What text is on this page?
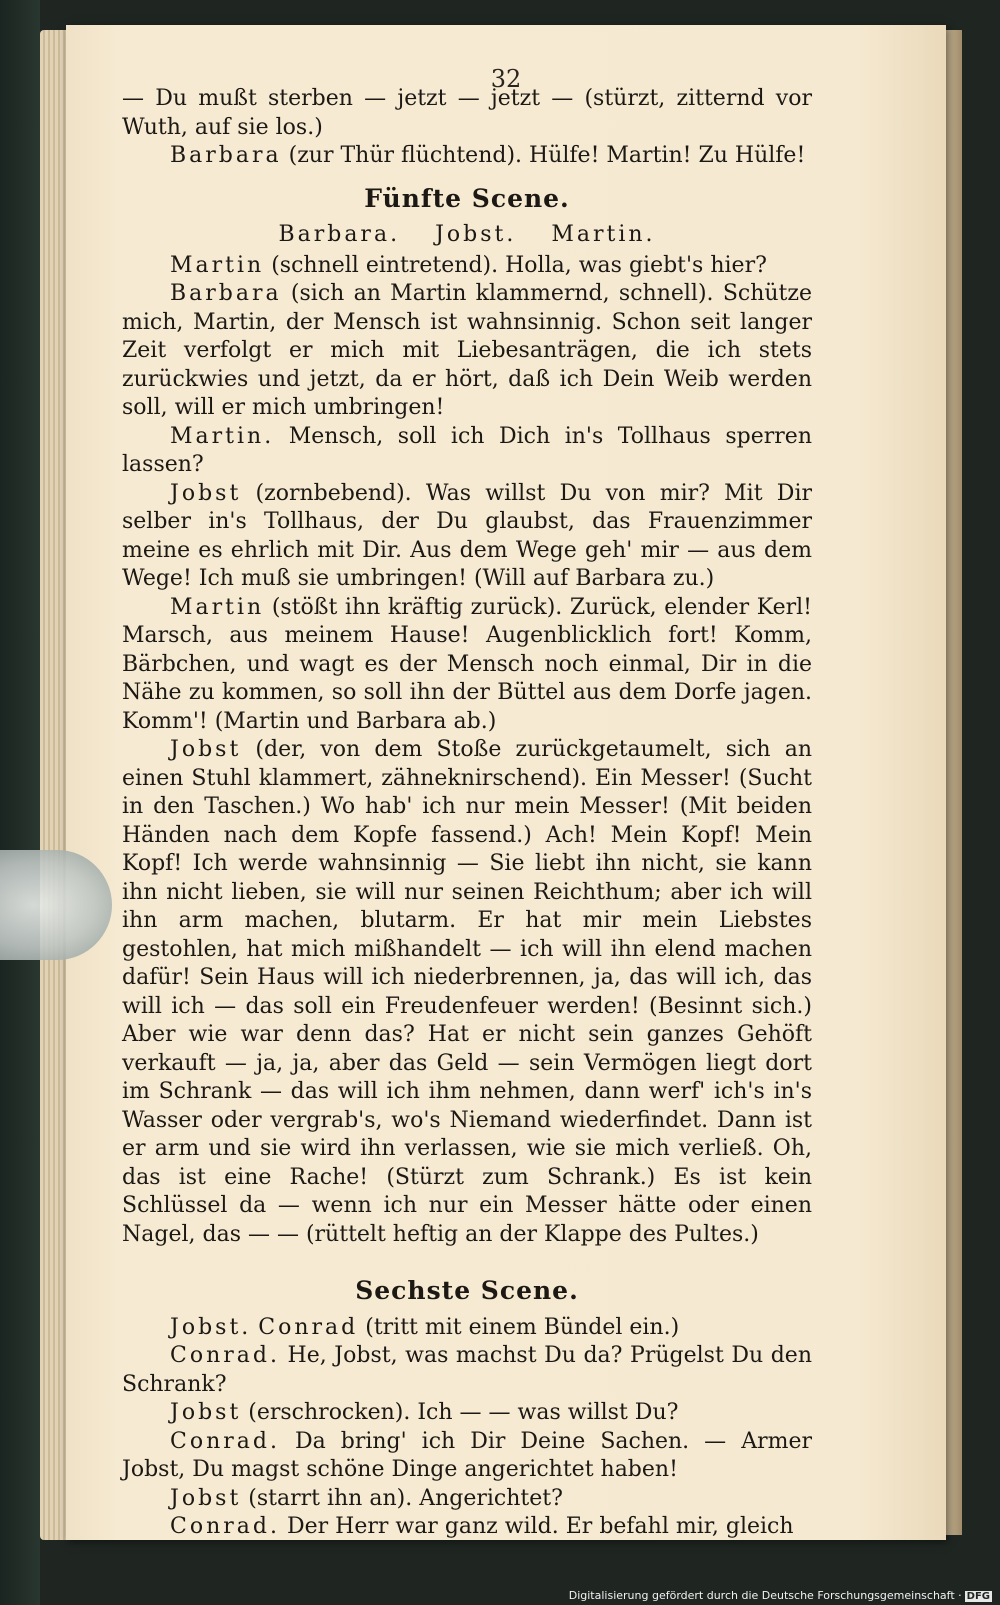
32

— Du mußt sterben — jetzt — jetzt — (stürzt, zitternd vor Wuth, auf sie los.)

Barbara (zur Thür flüchtend). Hülfe! Martin! Zu Hülfe!

Fünfte Scene.
Barbara. Jobst. Martin.

Martin (schnell eintretend). Holla, was giebt's hier?

Barbara (sich an Martin klammernd, schnell). Schütze mich, Martin, der Mensch ist wahnsinnig. Schon seit langer Zeit verfolgt er mich mit Liebesanträgen, die ich stets zurückwies und jetzt, da er hört, daß ich Dein Weib werden soll, will er mich umbringen!

Martin. Mensch, soll ich Dich in's Tollhaus sperren lassen?

Jobst (zornbebend). Was willst Du von mir? Mit Dir selber in's Tollhaus, der Du glaubst, das Frauenzimmer meine es ehrlich mit Dir. Aus dem Wege geh' mir — aus dem Wege! Ich muß sie umbringen! (Will auf Barbara zu.)

Martin (stößt ihn kräftig zurück). Zurück, elender Kerl! Marsch, aus meinem Hause! Augenblicklich fort! Komm, Bärbchen, und wagt es der Mensch noch einmal, Dir in die Nähe zu kommen, so soll ihn der Büttel aus dem Dorfe jagen. Komm'! (Martin und Barbara ab.)

Jobst (der, von dem Stoße zurückgetaumelt, sich an einen Stuhl klammert, zähneknirschend). Ein Messer! (Sucht in den Taschen.) Wo hab' ich nur mein Messer! (Mit beiden Händen nach dem Kopfe fassend.) Ach! Mein Kopf! Mein Kopf! Ich werde wahnsinnig — Sie liebt ihn nicht, sie kann ihn nicht lieben, sie will nur seinen Reichthum; aber ich will ihn arm machen, blutarm. Er hat mir mein Liebstes gestohlen, hat mich mißhandelt — ich will ihn elend machen dafür! Sein Haus will ich niederbrennen, ja, das will ich, das will ich — das soll ein Freudenfeuer werden! (Besinnt sich.) Aber wie war denn das? Hat er nicht sein ganzes Gehöft verkauft — ja, ja, aber das Geld — sein Vermögen liegt dort im Schrank — das will ich ihm nehmen, dann werf' ich's in's Wasser oder vergrab's, wo's Niemand wiederfindet. Dann ist er arm und sie wird ihn verlassen, wie sie mich verließ. Oh, das ist eine Rache! (Stürzt zum Schrank.) Es ist kein Schlüssel da — wenn ich nur ein Messer hätte oder einen Nagel, das — — (rüttelt heftig an der Klappe des Pultes.)

Sechste Scene.

Jobst. Conrad (tritt mit einem Bündel ein.)

Conrad. He, Jobst, was machst Du da? Prügelst Du den Schrank?

Jobst (erschrocken). Ich — — was willst Du?

Conrad. Da bring' ich Dir Deine Sachen. — Armer Jobst, Du magst schöne Dinge angerichtet haben!

Jobst (starrt ihn an). Angerichtet?

Conrad. Der Herr war ganz wild. Er befahl mir, gleich

Digitalisierung gefördert durch die Deutsche Forschungsgemeinschaft · DFG
